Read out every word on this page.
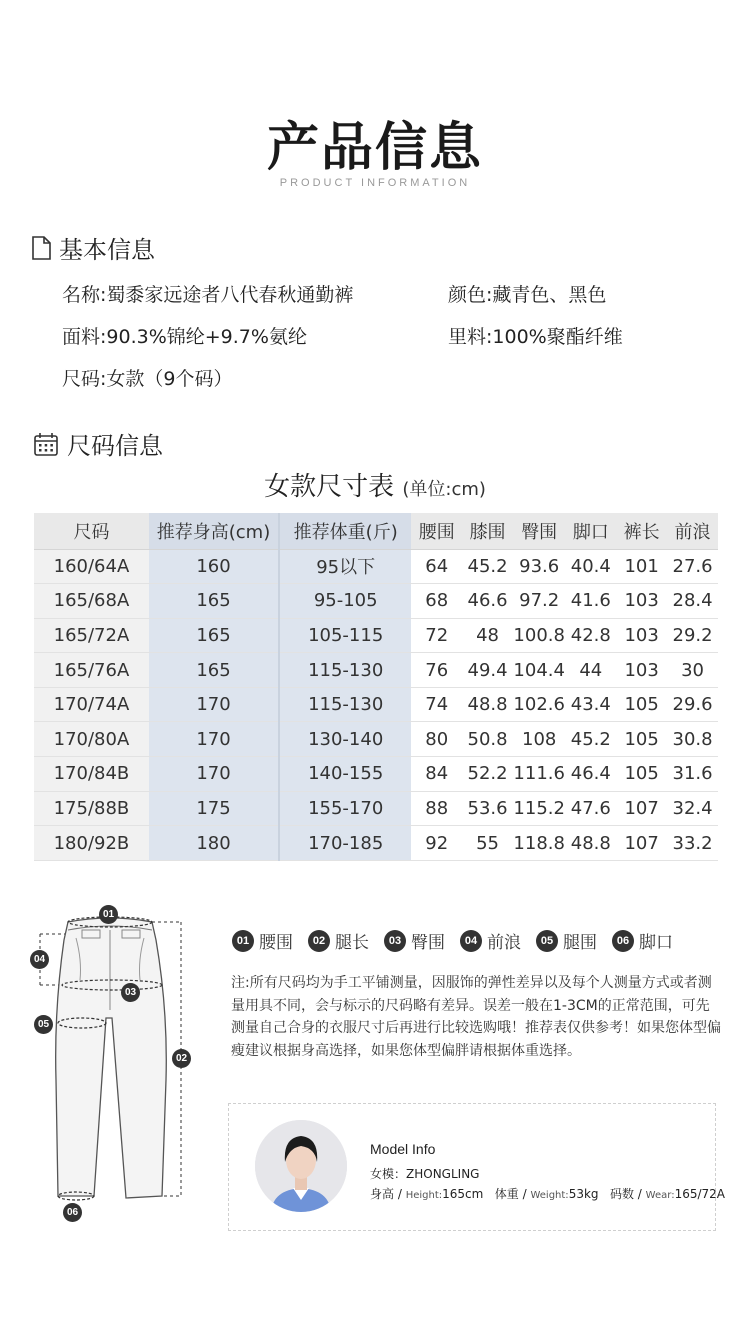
产品信息
PRODUCT INFORMATION
基本信息
名称:蜀黍家远途者八代春秋通勤裤	颜色:藏青色、黑色
面料:90.3%锦纶+9.7%氨纶	里料:100%聚酯纤维
尺码:女款（9个码）
尺码信息
女款尺寸表 (单位:cm)
尺码	推荐身高(cm)	推荐体重(斤)	腰围	膝围	臀围	脚口	裤长	前浪
160/64A	160	95以下	64	45.2	93.6	40.4	101	27.6
165/68A	165	95-105	68	46.6	97.2	41.6	103	28.4
165/72A	165	105-115	72	48	100.8	42.8	103	29.2
165/76A	165	115-130	76	49.4	104.4	44	103	30
170/74A	170	115-130	74	48.8	102.6	43.4	105	29.6
170/80A	170	130-140	80	50.8	108	45.2	105	30.8
170/84B	170	140-155	84	52.2	111.6	46.4	105	31.6
175/88B	175	155-170	88	53.6	115.2	47.6	107	32.4
180/92B	180	170-185	92	55	118.8	48.8	107	33.2
01
02
03
04
05
06
01 腰围	02 腿长	03 臀围	04 前浪	05 腿围	06 脚口
注:所有尺码均为手工平铺测量，因服饰的弹性差异以及每个人测量方式或者测量用具不同，会与标示的尺码略有差异。误差一般在1-3CM的正常范围，可先测量自己合身的衣服尺寸后再进行比较选购哦！推荐表仅供参考！如果您体型偏瘦建议根据身高选择，如果您体型偏胖请根据体重选择。
Model Info
女模：ZHONGLING
身高 / Height:165cm 体重 / Weight:53kg 码数 / Wear:165/72A
